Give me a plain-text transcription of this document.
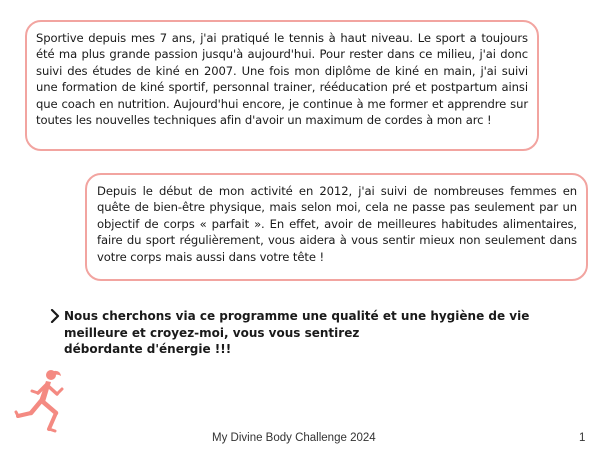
Sportive depuis mes 7 ans, j'ai pratiqué le tennis à haut niveau. Le sport a toujours été ma plus grande passion jusqu'à aujourd'hui. Pour rester dans ce milieu, j'ai donc suivi des études de kiné en 2007. Une fois mon diplôme de kiné en main, j'ai suivi une formation de kiné sportif, personnal trainer, rééducation pré et postpartum ainsi que coach en nutrition. Aujourd'hui encore, je continue à me former et apprendre sur toutes les nouvelles techniques afin d'avoir un maximum de cordes à mon arc !
Depuis le début de mon activité en 2012, j'ai suivi de nombreuses femmes en quête de bien-être physique, mais selon moi, cela ne passe pas seulement par un objectif de corps « parfait ». En effet, avoir de meilleures habitudes alimentaires, faire du sport régulièrement, vous aidera à vous sentir mieux non seulement dans votre corps mais aussi dans votre tête !
Nous cherchons via ce programme une qualité et une hygiène de vie
meilleure et croyez-moi, vous vous sentirez
débordante d'énergie !!!
My Divine Body Challenge 2024	1
